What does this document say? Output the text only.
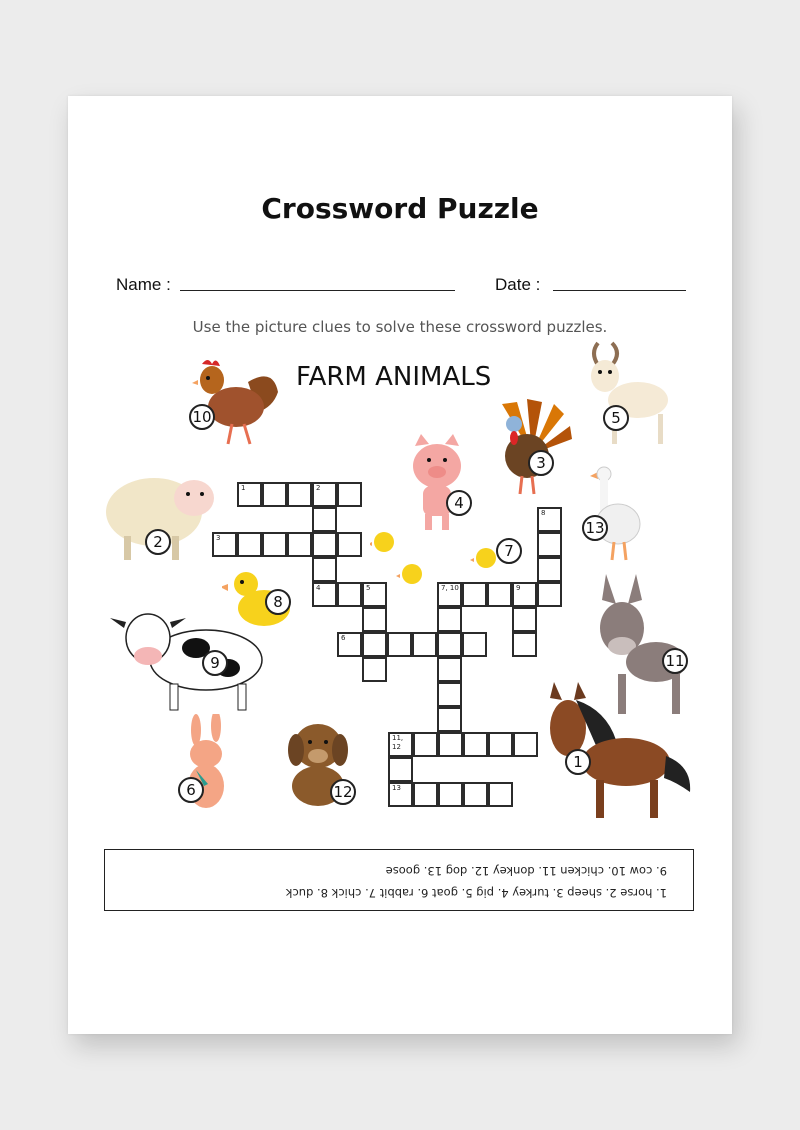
Crossword Puzzle
Name :	Date :
Use the picture clues to solve these crossword puzzles.
FARM ANIMALS
1	2
3
4	5
6
7, 10	9
8
11, 12
13
10	5
3
4
2
13
7
8
9	11
1
6	12
1. horse 2. sheep 3. turkey 4. pig 5. goat 6. rabbit 7. chick 8. duck
9. cow 10. chicken 11. donkey 12. dog 13. goose
